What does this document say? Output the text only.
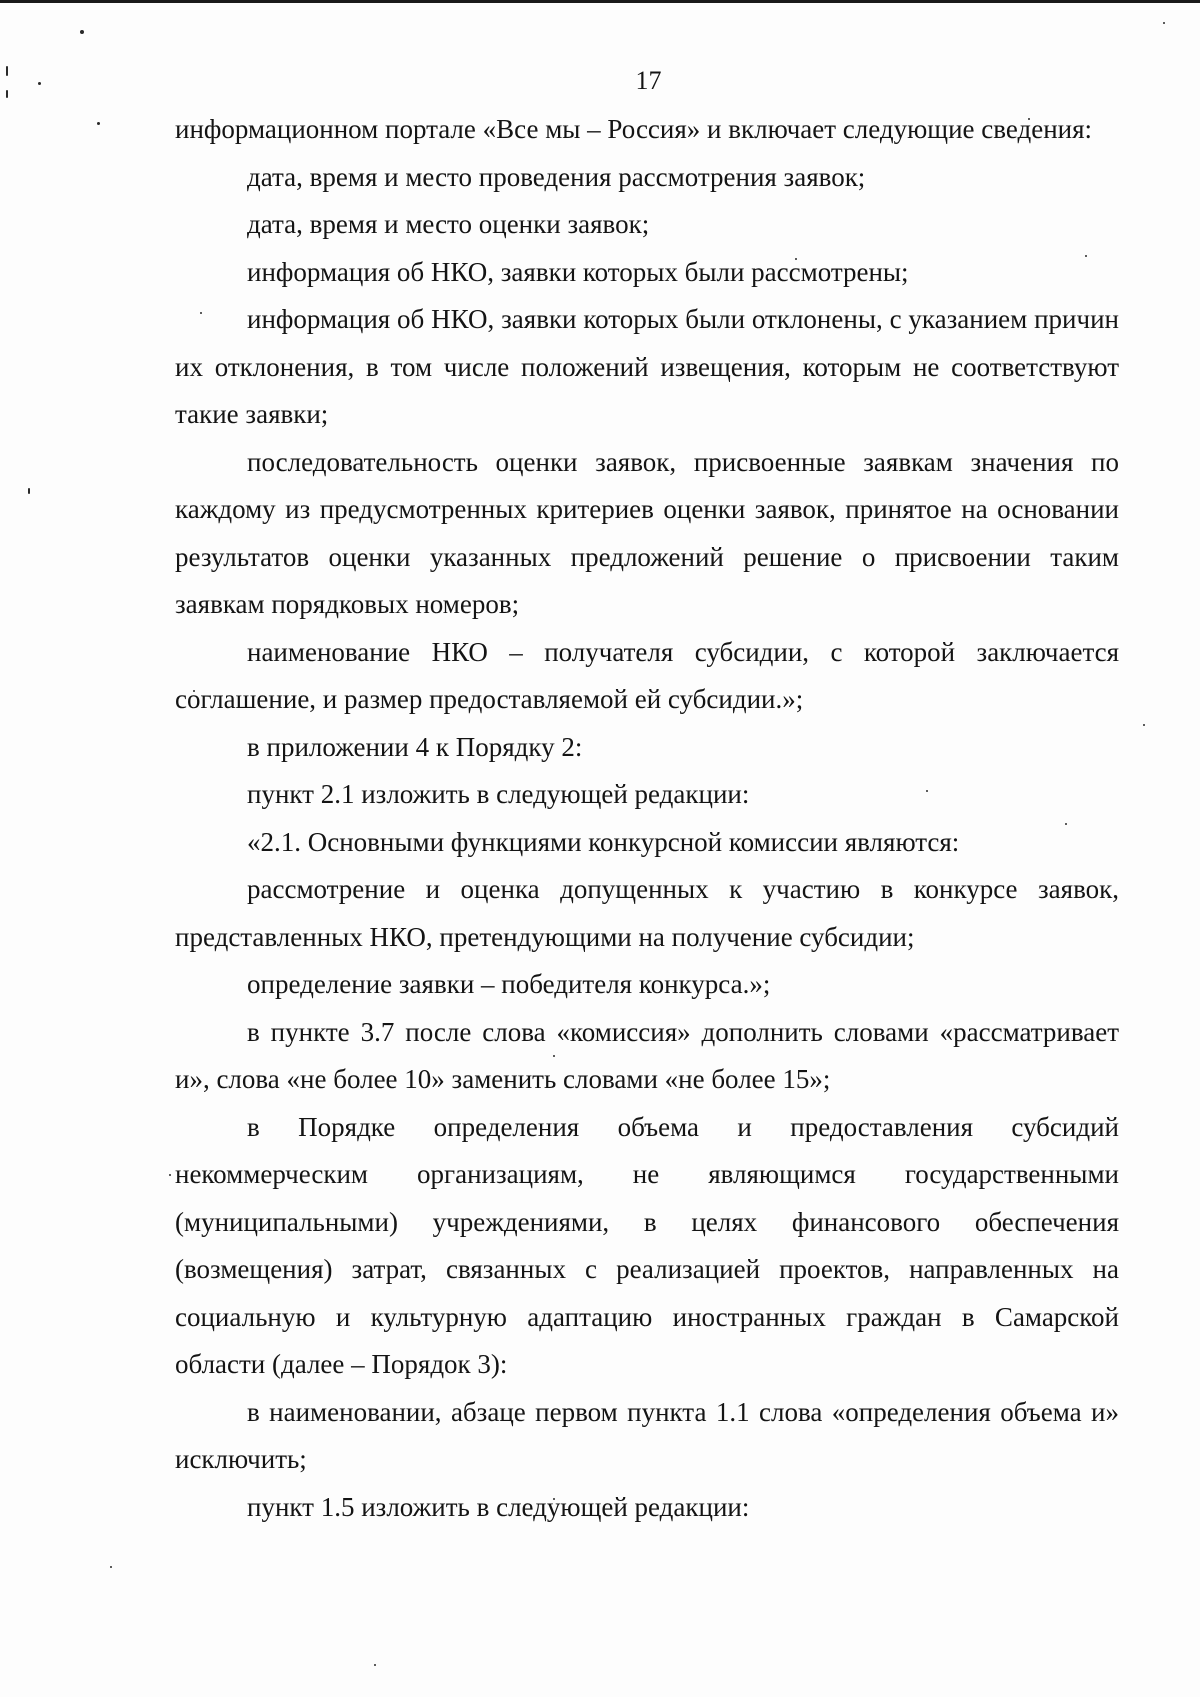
17

информационном портале «Все мы – Россия» и включает следующие сведения:

дата, время и место проведения рассмотрения заявок;

дата, время и место оценки заявок;

информация об НКО, заявки которых были рассмотрены;

информация об НКО, заявки которых были отклонены, с указанием причин их отклонения, в том числе положений извещения, которым не соответствуют такие заявки;

последовательность оценки заявок, присвоенные заявкам значения по каждому из предусмотренных критериев оценки заявок, принятое на основании результатов оценки указанных предложений решение о присвоении таким заявкам порядковых номеров;

наименование НКО – получателя субсидии, с которой заключается соглашение, и размер предоставляемой ей субсидии.»;

в приложении 4 к Порядку 2:

пункт 2.1 изложить в следующей редакции:

«2.1. Основными функциями конкурсной комиссии являются:

рассмотрение и оценка допущенных к участию в конкурсе заявок, представленных НКО, претендующими на получение субсидии;

определение заявки – победителя конкурса.»;

в пункте 3.7 после слова «комиссия» дополнить словами «рассматривает и», слова «не более 10» заменить словами «не более 15»;

в Порядке определения объема и предоставления субсидий некоммерческим организациям, не являющимся государственными (муниципальными) учреждениями, в целях финансового обеспечения (возмещения) затрат, связанных с реализацией проектов, направленных на социальную и культурную адаптацию иностранных граждан в Самарской области (далее – Порядок 3):

в наименовании, абзаце первом пункта 1.1 слова «определения объема и» исключить;

пункт 1.5 изложить в следующей редакции:
